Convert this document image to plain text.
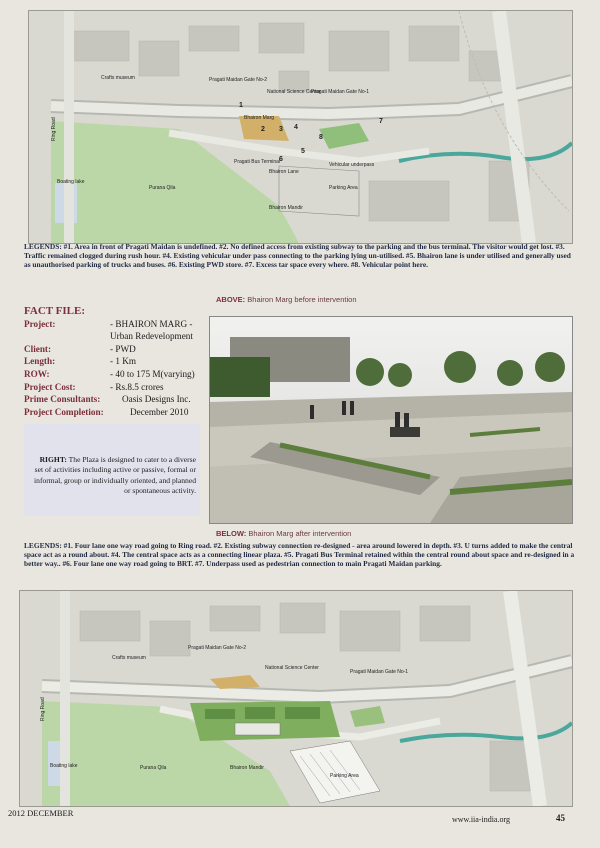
Crafts museum	Pragati Maidan Gate No-2
National Science Center
Pragati Maidan Gate No-1
Bhairon Marg
Pragati Bus Terminal
Purana Qila
Boating lake
Bhairon Mandir
Bhairon Lane
Vehicular underpass
Parking Area
Ring Road
1
2 3 4
5
6
7
8
LEGENDS: #1. Area in front of Pragati Maidan is undefined. #2. No defined access from existing subway to the parking and the bus terminal. The visitor would get lost. #3. Traffic remained clogged during rush hour. #4. Existing vehicular under pass connecting to the parking lying un-utilised. #5. Bhairon lane is under utilised and generally used as unauthorised parking of trucks and buses. #6. Existing PWD store. #7. Excess tar space every where. #8. Vehicular point here.
ABOVE: Bhairon Marg before intervention
FACT FILE:
Project:	- BHAIRON MARG -
Urban Redevelopment
Client:	- PWD
Length:	- 1 Km
ROW:	- 40 to 175 M(varying)
Project Cost:	- Rs.8.5 crores
Prime Consultants: Oasis Designs Inc.
Project Completion:	December 2010
RIGHT: The Plaza is designed to cater to a diverse set of activities including active or passive, formal or informal, group or individually oriented, and planned or spontaneous activity.
BELOW: Bhairon Marg after intervention
LEGENDS: #1. Four lane one way road going to Ring road. #2. Existing subway connection re-designed - area around lowered in depth. #3. U turns added to make the central space act as a round about. #4. The central space acts as a connecting linear plaza. #5. Pragati Bus Terminal retained within the central round about space and re-designed in a better way.. #6. Four lane one way road going to BRT. #7. Underpass used as pedestrian connection to main Pragati Maidan parking.
Crafts museum
Pragati Maidan Gate No-2
National Science Center
Pragati Maidan Gate No-1
Purana Qila
Boating lake	Bhairon Mandir
Parking Area
Ring Road
2012 DECEMBER
www.iia-india.org	45
